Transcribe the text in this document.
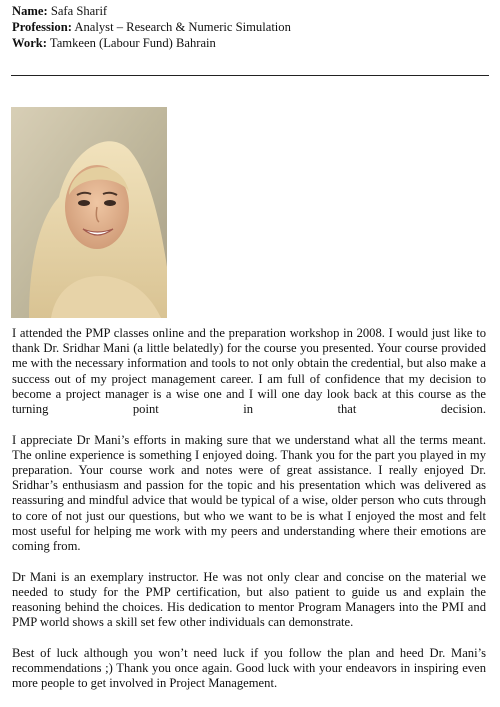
Name: Safa Sharif
Profession: Analyst – Research & Numeric Simulation
Work: Tamkeen (Labour Fund) Bahrain

I attended the PMP classes online and the preparation workshop in 2008. I would just like to thank Dr. Sridhar Mani (a little belatedly) for the course you presented. Your course provided me with the necessary information and tools to not only obtain the credential, but also make a success out of my project management career. I am full of confidence that my decision to become a project manager is a wise one and I will one day look back at this course as the turning point in that decision.

I appreciate Dr Mani’s efforts in making sure that we understand what all the terms meant. The online experience is something I enjoyed doing. Thank you for the part you played in my preparation. Your course work and notes were of great assistance. I really enjoyed Dr. Sridhar’s enthusiasm and passion for the topic and his presentation which was delivered as reassuring and mindful advice that would be typical of a wise, older person who cuts through to core of not just our questions, but who we want to be is what I enjoyed the most and felt most useful for helping me work with my peers and understanding where their emotions are coming from.

Dr Mani is an exemplary instructor. He was not only clear and concise on the material we needed to study for the PMP certification, but also patient to guide us and explain the reasoning behind the choices. His dedication to mentor Program Managers into the PMI and PMP world shows a skill set few other individuals can demonstrate.

Best of luck although you won’t need luck if you follow the plan and heed Dr. Mani’s recommendations ;) Thank you once again. Good luck with your endeavors in inspiring even more people to get involved in Project Management.
